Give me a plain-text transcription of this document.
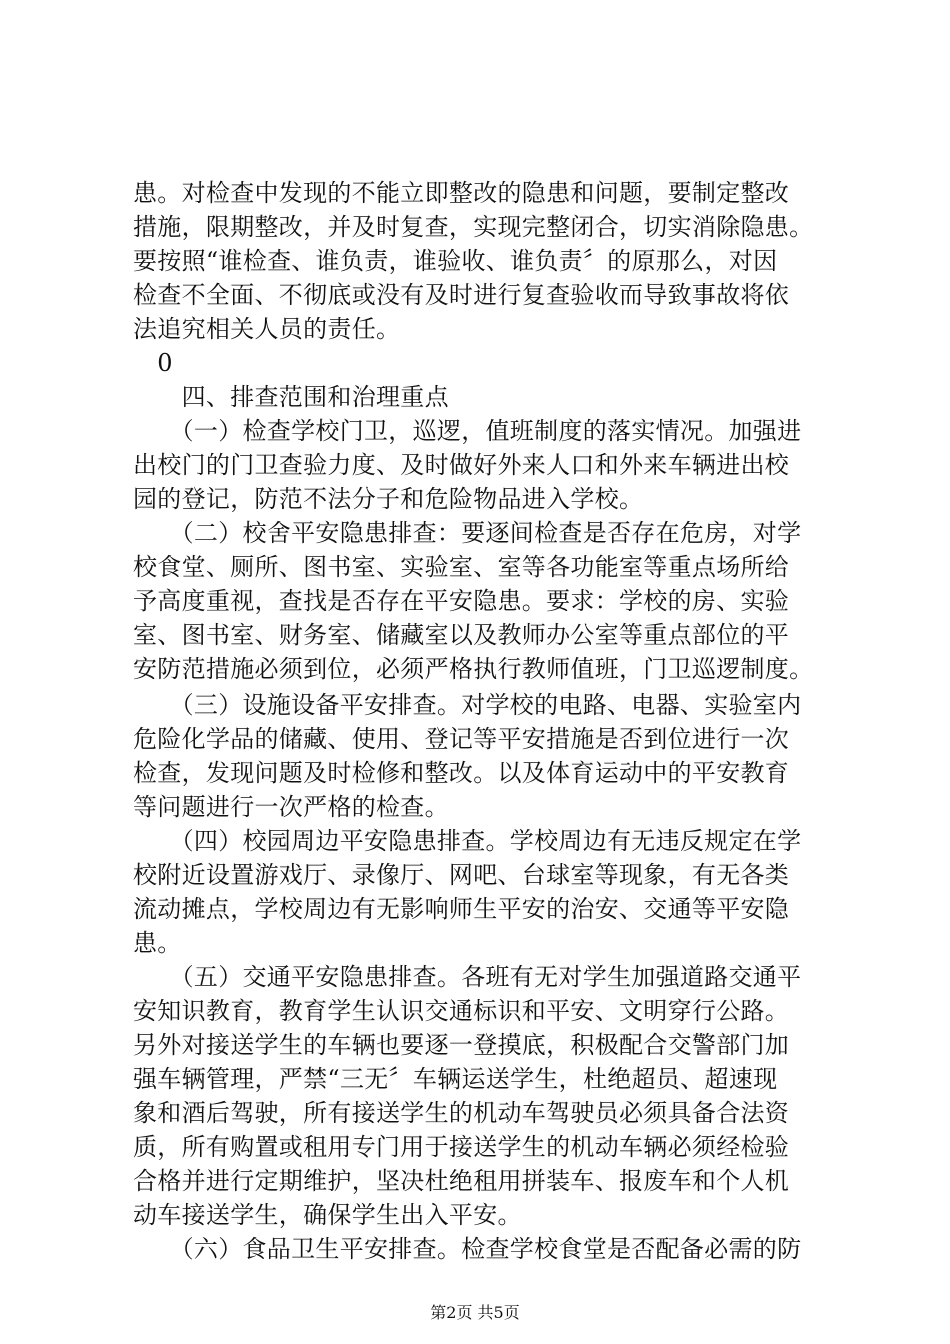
患。对检查中发现的不能立即整改的隐患和问题，要制定整改
措施，限期整改，并及时复查，实现完整闭合，切实消除隐患。
要按照“谁检查、谁负责，谁验收、谁负责〞的原那么，对因
检查不全面、不彻底或没有及时进行复查验收而导致事故将依
法追究相关人员的责任。
　0
　　四、排查范围和治理重点
　　（一）检查学校门卫，巡逻，值班制度的落实情况。加强进
出校门的门卫查验力度、及时做好外来人口和外来车辆进出校
园的登记，防范不法分子和危险物品进入学校。
　　（二）校舍平安隐患排查：要逐间检查是否存在危房，对学
校食堂、厕所、图书室、实验室、室等各功能室等重点场所给
予高度重视，查找是否存在平安隐患。要求：学校的房、实验
室、图书室、财务室、储藏室以及教师办公室等重点部位的平
安防范措施必须到位，必须严格执行教师值班，门卫巡逻制度。
　　（三）设施设备平安排查。对学校的电路、电器、实验室内
危险化学品的储藏、使用、登记等平安措施是否到位进行一次
检查，发现问题及时检修和整改。以及体育运动中的平安教育
等问题进行一次严格的检查。
　　（四）校园周边平安隐患排查。学校周边有无违反规定在学
校附近设置游戏厅、录像厅、网吧、台球室等现象，有无各类
流动摊点，学校周边有无影响师生平安的治安、交通等平安隐
患。
　　（五）交通平安隐患排查。各班有无对学生加强道路交通平
安知识教育，教育学生认识交通标识和平安、文明穿行公路。
另外对接送学生的车辆也要逐一登摸底，积极配合交警部门加
强车辆管理，严禁“三无〞车辆运送学生，杜绝超员、超速现
象和酒后驾驶，所有接送学生的机动车驾驶员必须具备合法资
质，所有购置或租用专门用于接送学生的机动车辆必须经检验
合格并进行定期维护，坚决杜绝租用拼装车、报废车和个人机
动车接送学生，确保学生出入平安。
　　（六）食品卫生平安排查。检查学校食堂是否配备必需的防
第2页 共5页
